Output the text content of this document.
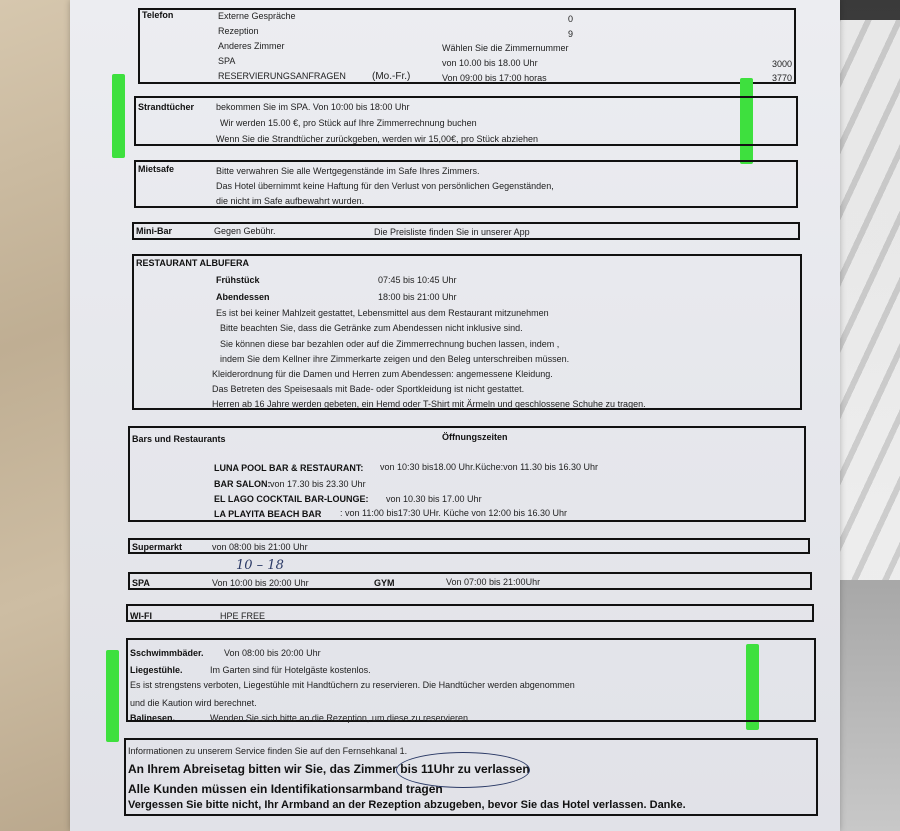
Telefon	Externe Gespräche	0
Rezeption	9
Anderes Zimmer	Wählen Sie die Zimmernummer
SPA	von 10.00 bis 18.00 Uhr	3000
RESERVIERUNGSANFRAGEN	(Mo.-Fr.)	Von 09:00 bis 17:00 horas	3770
Strandtücher bekommen Sie im SPA. Von 10:00 bis 18:00 Uhr
Wir werden 15.00 €, pro Stück auf Ihre Zimmerrechnung buchen
Wenn Sie die Strandtücher zurückgeben, werden wir 15,00€, pro Stück abziehen
Mietsafe	Bitte verwahren Sie alle Wertgegenstände im Safe Ihres Zimmers.
Das Hotel übernimmt keine Haftung für den Verlust von persönlichen Gegenständen,
die nicht im Safe aufbewahrt wurden.
Mini-Bar	Gegen Gebühr.	Die Preisliste finden Sie in unserer App
RESTAURANT ALBUFERA
Frühstück	07:45 bis 10:45 Uhr
Abendessen	18:00 bis 21:00 Uhr
Es ist bei keiner Mahlzeit gestattet, Lebensmittel aus dem Restaurant mitzunehmen
Bitte beachten Sie, dass die Getränke zum Abendessen nicht inklusive sind.
Sie können diese bar bezahlen oder auf die Zimmerrechnung buchen lassen, indem ,
indem Sie dem Kellner ihre Zimmerkarte zeigen und den Beleg unterschreiben müssen.
Kleiderordnung für die Damen und Herren zum Abendessen: angemessene Kleidung.
Das Betreten des Speisesaals mit Bade- oder Sportkleidung ist nicht gestattet.
Herren ab 16 Jahre werden gebeten, ein Hemd oder T-Shirt mit Ärmeln und geschlossene Schuhe zu tragen.
Bars und Restaurants	Öffnungszeiten
LUNA POOL BAR & RESTAURANT: von 10:30 bis18.00 Uhr.Küche:von 11.30 bis 16.30 Uhr
BAR SALON: von 17.30 bis 23.30 Uhr
EL LAGO COCKTAIL BAR-LOUNGE: von 10.30 bis 17.00 Uhr
LA PLAYITA BEACH BAR : von 11:00 bis17:30 UHr. Küche von 12:00 bis 16.30 Uhr
Supermarkt	von 08:00 bis 21:00 Uhr
10 – 18
SPA	Von 10:00 bis 20:00 Uhr	GYM	Von 07:00 bis 21:00Uhr
WI-FI	HPE FREE
Sschwimmbäder. Von 08:00 bis 20:00 Uhr
Liegestühle.	Im Garten sind für Hotelgäste kostenlos.
Es ist strengstens verboten, Liegestühle mit Handtüchern zu reservieren. Die Handtücher werden abgenommen
und die Kaution wird berechnet.
Balinesen.	Wenden Sie sich bitte an die Rezeption, um diese zu reservieren.
Informationen zu unserem Service finden Sie auf den Fernsehkanal 1.
An Ihrem Abreisetag bitten wir Sie, das Zimmer bis 11Uhr zu verlassen
Alle Kunden müssen ein Identifikationsarmband tragen
Vergessen Sie bitte nicht, Ihr Armband an der Rezeption abzugeben, bevor Sie das Hotel verlassen. Danke.
